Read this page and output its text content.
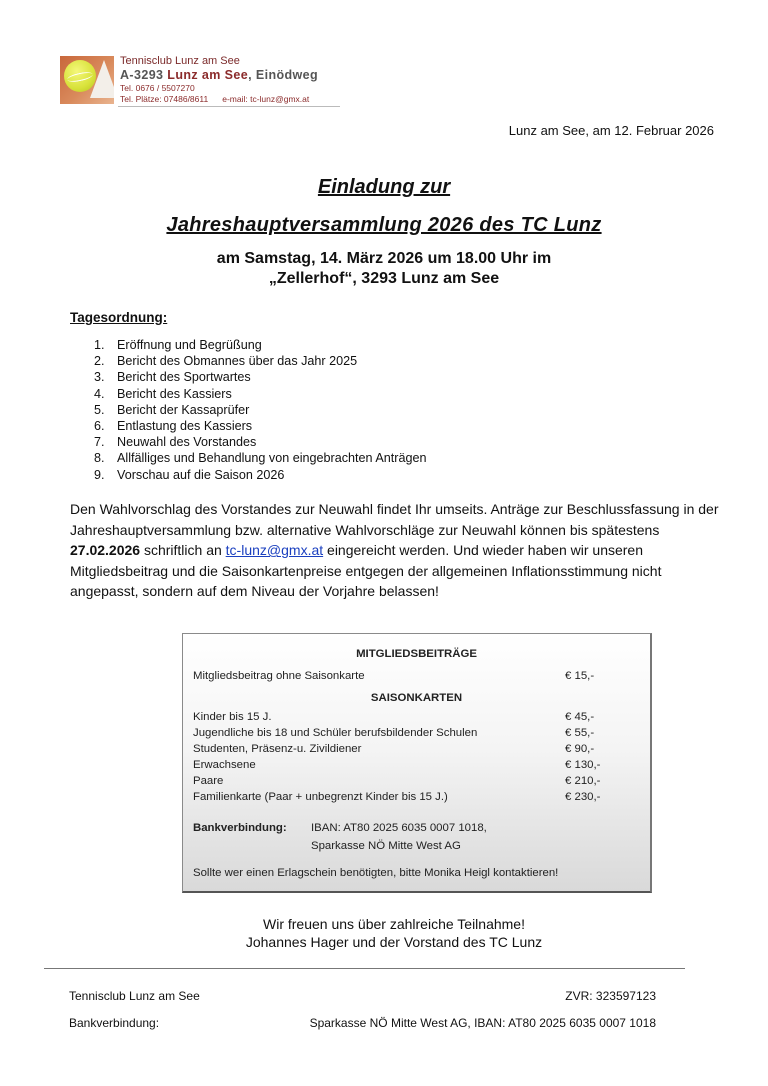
Tennisclub Lunz am See
A-3293 Lunz am See, Einödweg
Tel. 0676 / 5507270
Tel. Plätze: 07486/8611 e-mail: tc-lunz@gmx.at
Lunz am See, am 12. Februar 2026
Einladung zur
Jahreshauptversammlung 2026 des TC Lunz
am Samstag, 14. März 2026 um 18.00 Uhr im
„Zellerhof“, 3293 Lunz am See
Tagesordnung:
1. Eröffnung und Begrüßung
2. Bericht des Obmannes über das Jahr 2025
3. Bericht des Sportwartes
4. Bericht des Kassiers
5. Bericht der Kassaprüfer
6. Entlastung des Kassiers
7. Neuwahl des Vorstandes
8. Allfälliges und Behandlung von eingebrachten Anträgen
9. Vorschau auf die Saison 2026
Den Wahlvorschlag des Vorstandes zur Neuwahl findet Ihr umseits. Anträge zur Beschlussfassung in der Jahreshauptversammlung bzw. alternative Wahlvorschläge zur Neuwahl können bis spätestens 27.02.2026 schriftlich an tc-lunz@gmx.at eingereicht werden. Und wieder haben wir unseren Mitgliedsbeitrag und die Saisonkartenpreise entgegen der allgemeinen Inflationsstimmung nicht angepasst, sondern auf dem Niveau der Vorjahre belassen!
MITGLIEDSBEITRÄGE
Mitgliedsbeitrag ohne Saisonkarte	€ 15,-
SAISONKARTEN
Kinder bis 15 J.	€ 45,-
Jugendliche bis 18 und Schüler berufsbildender Schulen	€ 55,-
Studenten, Präsenz-u. Zivildiener	€ 90,-
Erwachsene	€ 130,-
Paare	€ 210,-
Familienkarte (Paar + unbegrenzt Kinder bis 15 J.)	€ 230,-
Bankverbindung: IBAN: AT80 2025 6035 0007 1018,
Sparkasse NÖ Mitte West AG
Sollte wer einen Erlagschein benötigten, bitte Monika Heigl kontaktieren!
Wir freuen uns über zahlreiche Teilnahme!
Johannes Hager und der Vorstand des TC Lunz
Tennisclub Lunz am See	ZVR: 323597123
Bankverbindung:	Sparkasse NÖ Mitte West AG, IBAN: AT80 2025 6035 0007 1018
